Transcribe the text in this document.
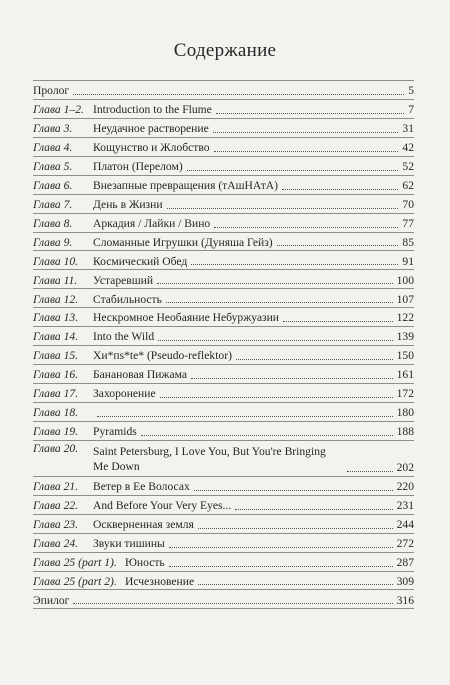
Содержание
Пролог	5
Глава 1–2. Introduction to the Flume	7
Глава 3.	Неудачное растворение	31
Глава 4.	Кощунство и Жлобство	42
Глава 5.	Платон (Перелом)	52
Глава 6.	Внезапные превращения (тАшНАтА)	62
Глава 7.	День в Жизни	70
Глава 8.	Аркадия / Лайки / Вино	77
Глава 9.	Сломанные Игрушки (Дуняша Гейз)	85
Глава 10.	Космический Обед	91
Глава 11.	Устаревший	100
Глава 12.	Стабильность	107
Глава 13.	Нескромное Необаяние Небуржуазии	122
Глава 14.	Into the Wild	139
Глава 15.	Хи*пs*te* (Pseudo-reflektor)	150
Глава 16.	Банановая Пижама	161
Глава 17.	Захоронение	172
Глава 18.	180
Глава 19.	Pyramids	188
Глава 20.	Saint Petersburg, I Love You, But You're Bringing Me Down	202
Глава 21.	Ветер в Ее Волосах	220
Глава 22.	And Before Your Very Eyes...	231
Глава 23.	Оскверненная земля	244
Глава 24.	Звуки тишины	272
Глава 25 (part 1). Юность	287
Глава 25 (part 2). Исчезновение	309
Эпилог	316
